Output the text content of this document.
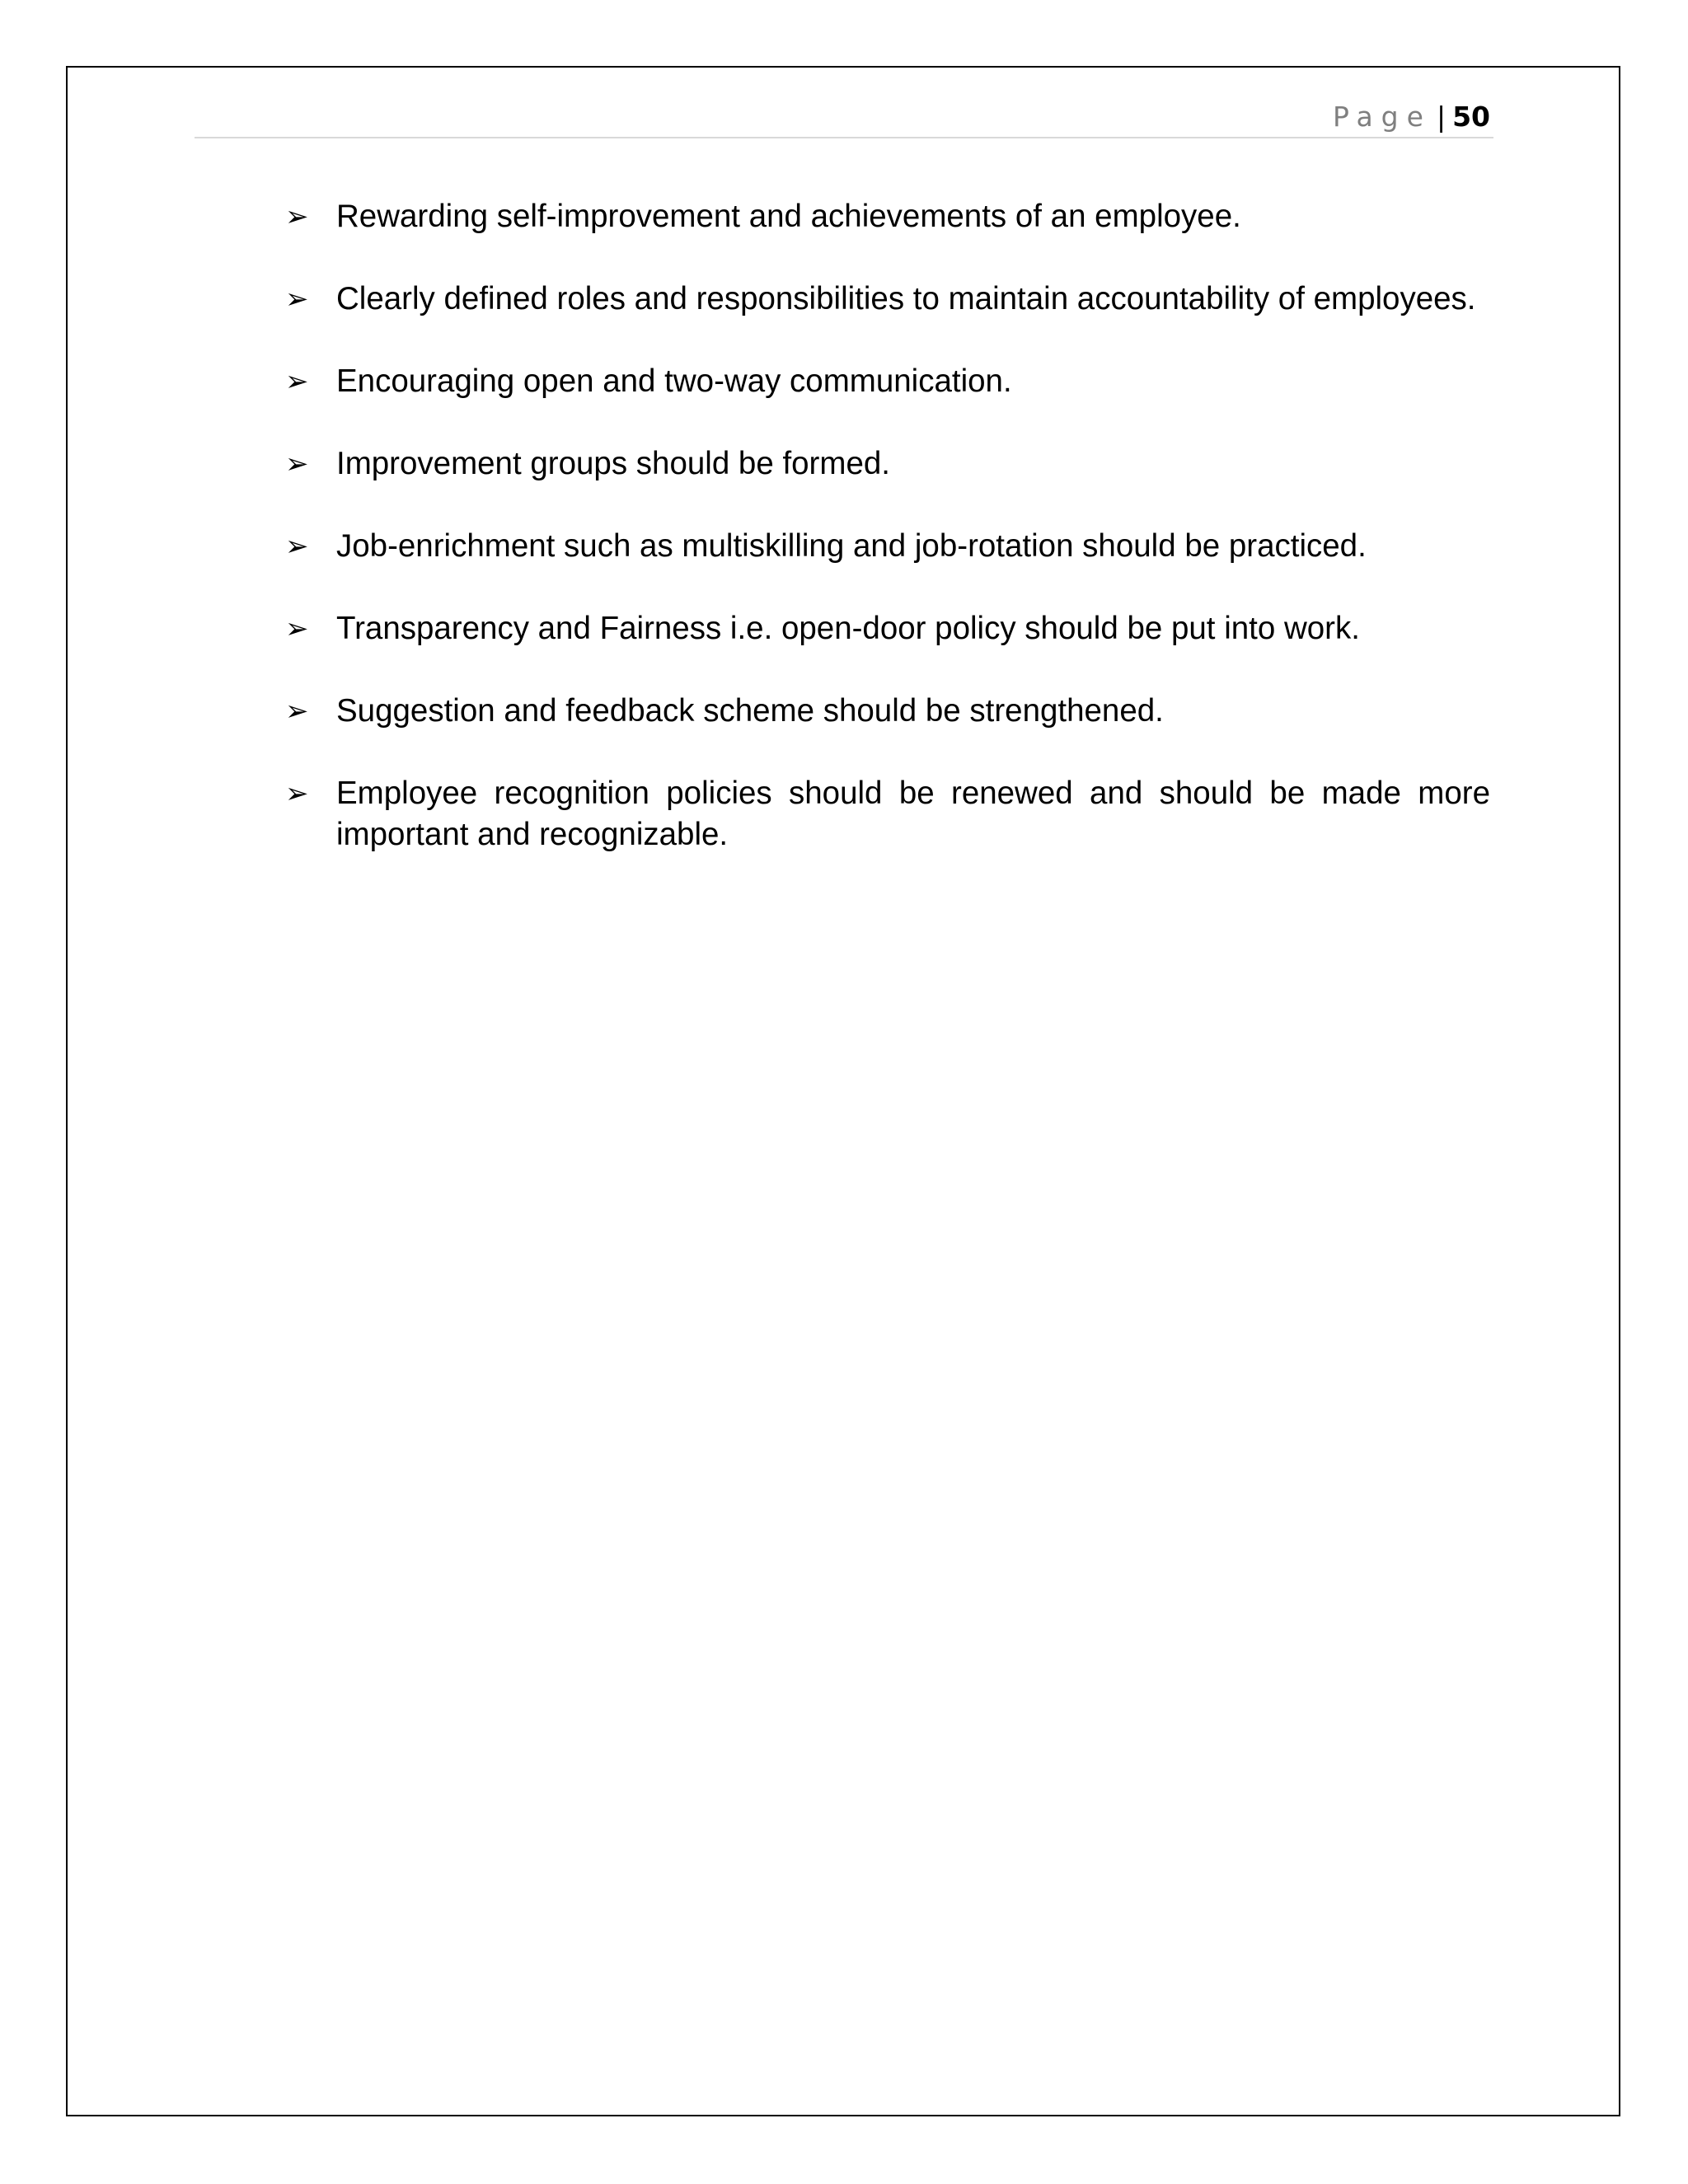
Page | 50
➢ Rewarding self-improvement and achievements of an employee.
➢ Clearly defined roles and responsibilities to maintain accountability of employees.
➢ Encouraging open and two-way communication.
➢ Improvement groups should be formed.
➢ Job-enrichment such as multiskilling and job-rotation should be practiced.
➢ Transparency and Fairness i.e. open-door policy should be put into work.
➢ Suggestion and feedback scheme should be strengthened.
➢ Employee recognition policies should be renewed and should be made more important and recognizable.
